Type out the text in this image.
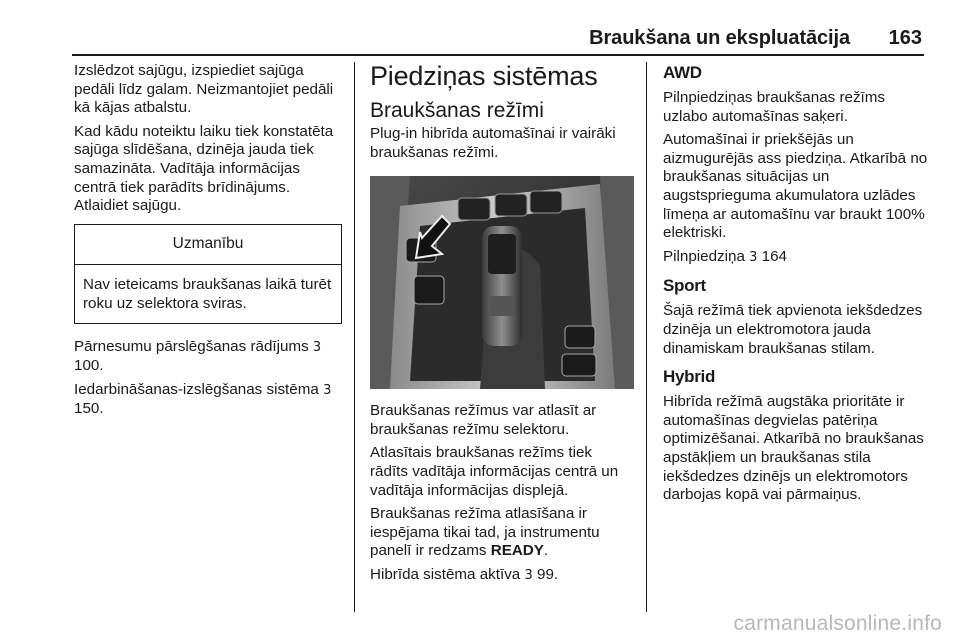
Braukšana un ekspluatācija 163

Izslēdzot sajūgu, izspiediet sajūga pedāli līdz galam. Neizmantojiet pedāli kā kājas atbalstu.

Kad kādu noteiktu laiku tiek konstatēta sajūga slīdēšana, dzinēja jauda tiek samazināta. Vadītāja informācijas centrā tiek parādīts brīdinājums. Atlaidiet sajūgu.

Uzmanību
Nav ieteicams braukšanas laikā turēt roku uz selektora sviras.

Pārnesumu pārslēgšanas rādījums 3 100.

Iedarbināšanas-izslēgšanas sistēma 3 150.

Piedziņas sistēmas
Braukšanas režīmi

Plug-in hibrīda automašīnai ir vairāki braukšanas režīmi.

Braukšanas režīmus var atlasīt ar braukšanas režīmu selektoru.

Atlasītais braukšanas režīms tiek rādīts vadītāja informācijas centrā un vadītāja informācijas displejā.

Braukšanas režīma atlasīšana ir iespējama tikai tad, ja instrumentu panelī ir redzams READY.

Hibrīda sistēma aktīva 3 99.

AWD

Pilnpiedziņas braukšanas režīms uzlabo automašīnas saķeri.

Automašīnai ir priekšējās un aizmugurējās ass piedziņa. Atkarībā no braukšanas situācijas un augstsprieguma akumulatora uzlādes līmeņa ar automašīnu var braukt 100% elektriski.

Pilnpiedziņa 3 164

Sport

Šajā režīmā tiek apvienota iekšdedzes dzinēja un elektromotora jauda dinamiskam braukšanas stilam.

Hybrid

Hibrīda režīmā augstāka prioritāte ir automašīnas degvielas patēriņa optimizēšanai. Atkarībā no braukšanas apstākļiem un braukšanas stila iekšdedzes dzinējs un elektromotors darbojas kopā vai pārmaiņus.

carmanualsonline.info
